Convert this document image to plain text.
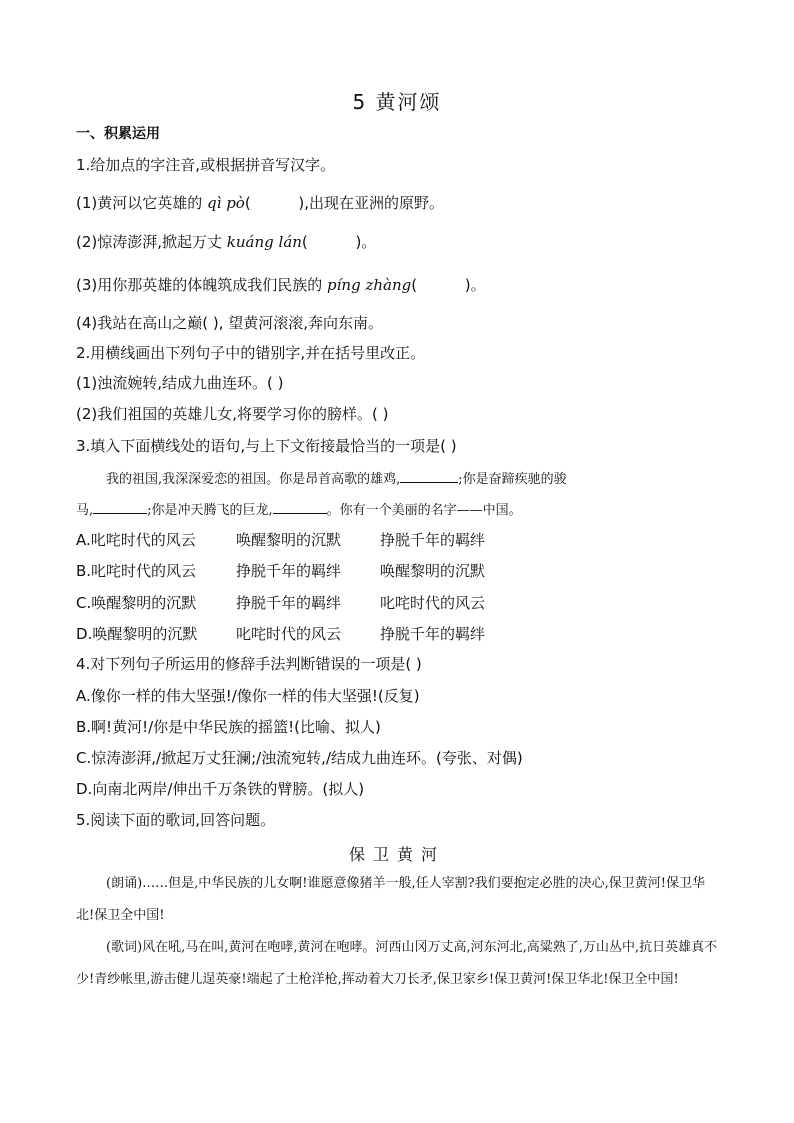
5 黄河颂
一、积累运用
1.给加点的字注音,或根据拼音写汉字。
(1)黄河以它英雄的 qì pò(          ),出现在亚洲的原野。
(2)惊涛澎湃,掀起万丈 kuáng lán(          )。
(3)用你那英雄的体魄筑成我们民族的 píng zhàng(          )。
(4)我站在高山之巅( ), 望黄河滚滚,奔向东南。
2.用横线画出下列句子中的错别字,并在括号里改正。
(1)浊流婉转,结成九曲连环。( )
(2)我们祖国的英雄儿女,将要学习你的膀样。( )
3.填入下面横线处的语句,与上下文衔接最恰当的一项是( )
我的祖国,我深深爱恋的祖国。你是昂首高歌的雄鸡,	;你是奋蹄疾驰的骏
马,	;你是冲天腾飞的巨龙,	。你有一个美丽的名字——中国。
A.叱咤时代的风云	唤醒黎明的沉默	挣脱千年的羁绊
B.叱咤时代的风云	挣脱千年的羁绊	唤醒黎明的沉默
C.唤醒黎明的沉默	挣脱千年的羁绊	叱咤时代的风云
D.唤醒黎明的沉默	叱咤时代的风云	挣脱千年的羁绊
4.对下列句子所运用的修辞手法判断错误的一项是( )
A.像你一样的伟大坚强!/像你一样的伟大坚强!(反复)
B.啊!黄河!/你是中华民族的摇篮!(比喻、拟人)
C.惊涛澎湃,/掀起万丈狂澜;/浊流宛转,/结成九曲连环。(夸张、对偶)
D.向南北两岸/伸出千万条铁的臂膀。(拟人)
5.阅读下面的歌词,回答问题。
保卫黄河
(朗诵)……但是,中华民族的儿女啊!谁愿意像猪羊一般,任人宰割?我们要抱定必胜的决心,保卫黄河!保卫华北!保卫全中国!
(歌词)风在吼,马在叫,黄河在咆哮,黄河在咆哮。河西山冈万丈高,河东河北,高粱熟了,万山丛中,抗日英雄真不少!青纱帐里,游击健儿逞英豪!端起了土枪洋枪,挥动着大刀长矛,保卫家乡!保卫黄河!保卫华北!保卫全中国!
